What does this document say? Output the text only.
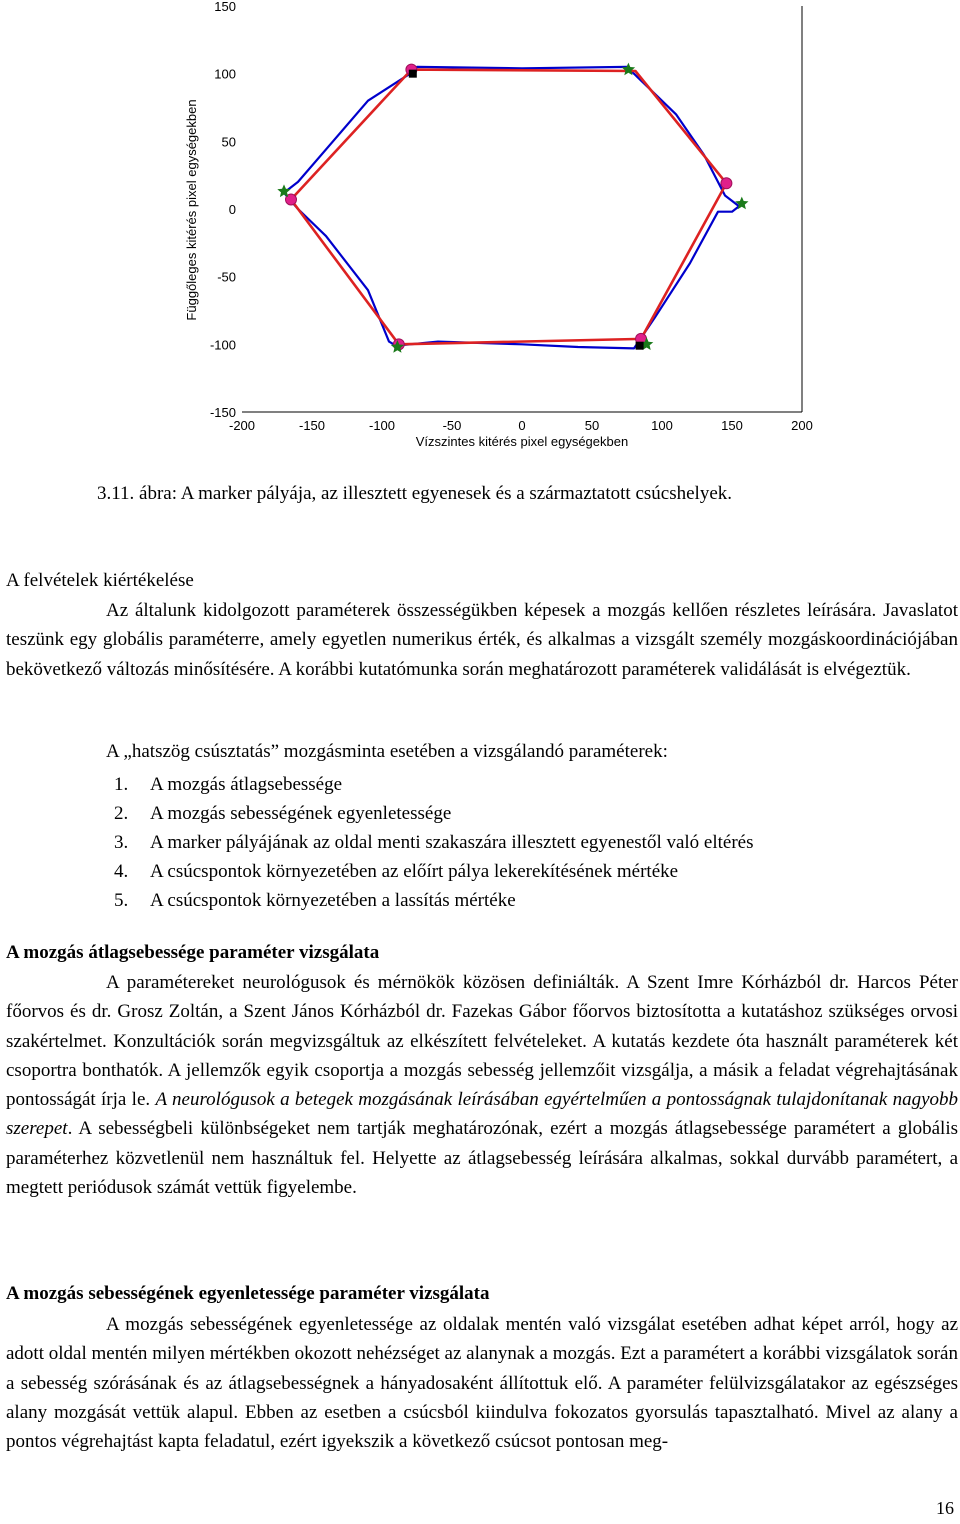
150
100
50
0
-50
-100
-150
-200	-150	-100	-50	0	50	100	150	200
Vízszintes kitérés pixel egységekben
Függőleges kitérés pixel egységekben
3.11. ábra: A marker pályája, az illesztett egyenesek és a származtatott csúcshelyek.
A felvételek kiértékelése
Az általunk kidolgozott paraméterek összességükben képesek a mozgás kellően részletes leírására. Javaslatot teszünk egy globális paraméterre, amely egyetlen numerikus érték, és alkalmas a vizsgált személy mozgáskoordinációjában bekövetkező változás minősítésére. A korábbi kutatómunka során meghatározott paraméterek validálását is elvégeztük.
A „hatszög csúsztatás” mozgásminta esetében a vizsgálandó paraméterek:
1. A mozgás átlagsebessége
2. A mozgás sebességének egyenletessége
3. A marker pályájának az oldal menti szakaszára illesztett egyenestől való eltérés
4. A csúcspontok környezetében az előírt pálya lekerekítésének mértéke
5. A csúcspontok környezetében a lassítás mértéke
A mozgás átlagsebessége paraméter vizsgálata
A paramétereket neurológusok és mérnökök közösen definiálták. A Szent Imre Kórházból dr. Harcos Péter főorvos és dr. Grosz Zoltán, a Szent János Kórházból dr. Fazekas Gábor főorvos biztosította a kutatáshoz szükséges orvosi szakértelmet. Konzultációk során megvizsgáltuk az elkészített felvételeket. A kutatás kezdete óta használt paraméterek két csoportra bonthatók. A jellemzők egyik csoportja a mozgás sebesség jellemzőit vizsgálja, a másik a feladat végrehajtásának pontosságát írja le. A neurológusok a betegek mozgásának leírásában egyértelműen a pontosságnak tulajdonítanak nagyobb szerepet. A sebességbeli különbségeket nem tartják meghatározónak, ezért a mozgás átlagsebessége paramétert a globális paraméterhez közvetlenül nem használtuk fel. Helyette az átlagsebesség leírására alkalmas, sokkal durvább paramétert, a megtett periódusok számát vettük figyelembe.
A mozgás sebességének egyenletessége paraméter vizsgálata
A mozgás sebességének egyenletessége az oldalak mentén való vizsgálat esetében adhat képet arról, hogy az adott oldal mentén milyen mértékben okozott nehézséget az alanynak a mozgás. Ezt a paramétert a korábbi vizsgálatok során a sebesség szórásának és az átlagsebességnek a hányadosaként állítottuk elő. A paraméter felülvizsgálatakor az egészséges alany mozgását vettük alapul. Ebben az esetben a csúcsból kiindulva fokozatos gyorsulás tapasztalható. Mivel az alany a pontos végrehajtást kapta feladatul, ezért igyekszik a következő csúcsot pontosan meg-
16
